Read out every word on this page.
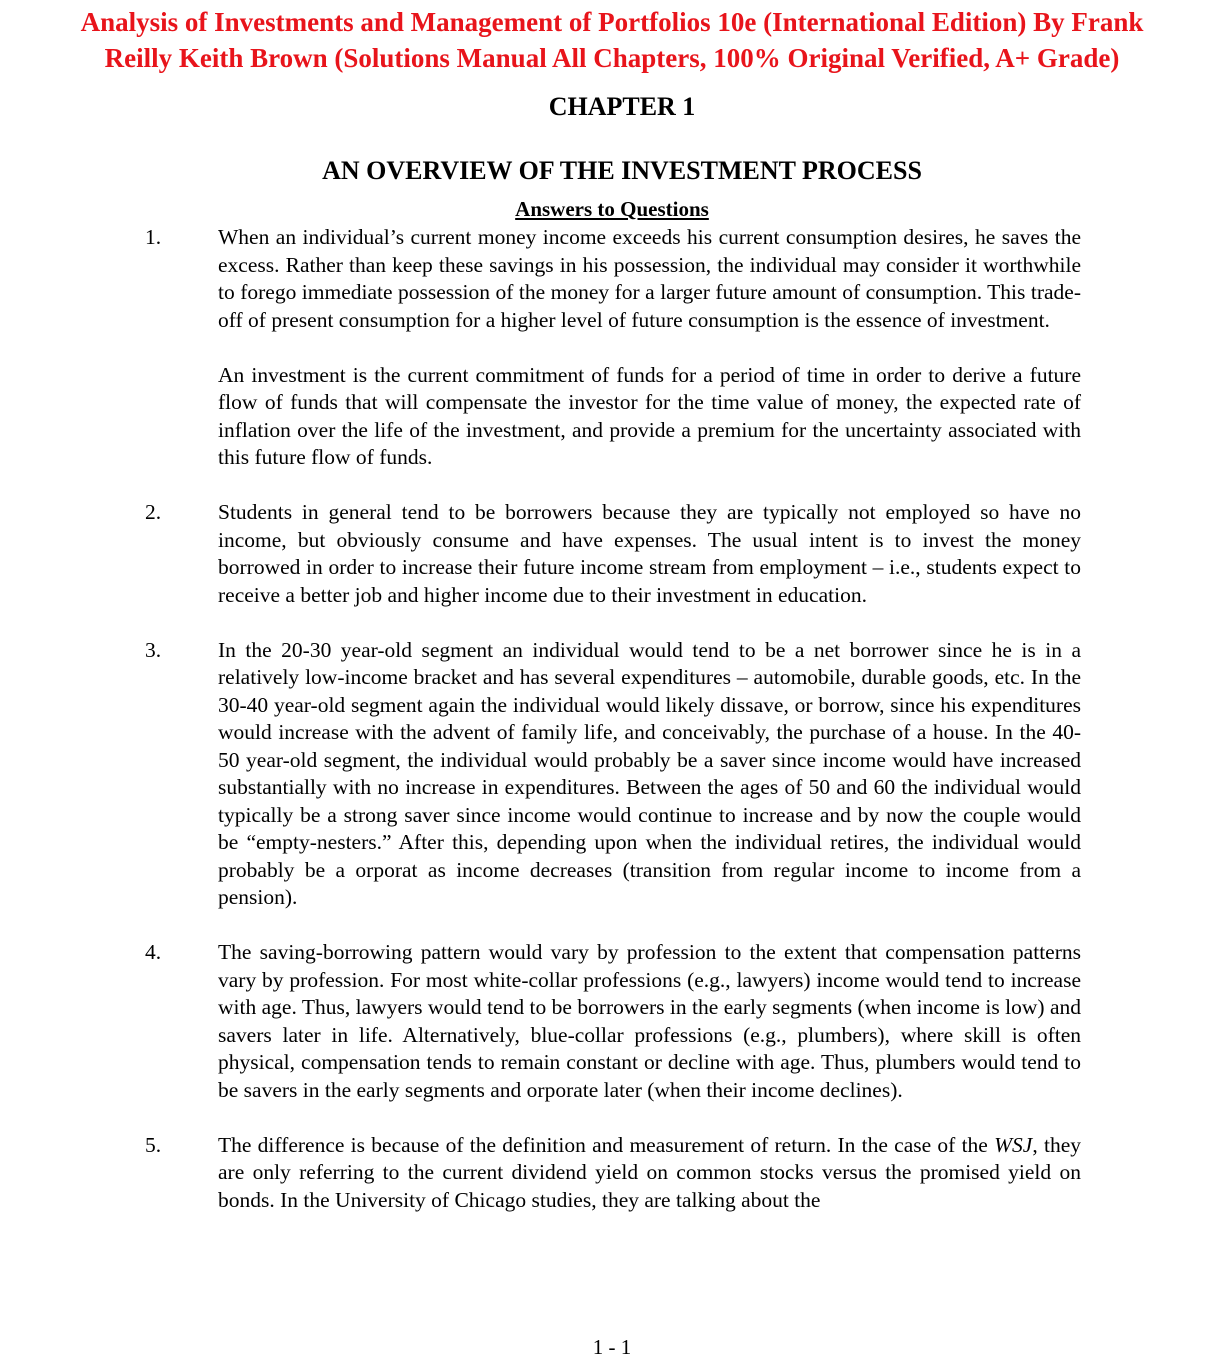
Analysis of Investments and Management of Portfolios 10e (International Edition) By Frank
Reilly Keith Brown (Solutions Manual All Chapters, 100% Original Verified, A+ Grade)
CHAPTER 1
AN OVERVIEW OF THE INVESTMENT PROCESS
Answers to Questions
1.	When an individual’s current money income exceeds his current consumption desires, he saves the excess. Rather than keep these savings in his possession, the individual may consider it worthwhile to forego immediate possession of the money for a larger future amount of consumption. This trade-off of present consumption for a higher level of future consumption is the essence of investment.

An investment is the current commitment of funds for a period of time in order to derive a future flow of funds that will compensate the investor for the time value of money, the expected rate of inflation over the life of the investment, and provide a premium for the uncertainty associated with this future flow of funds.

2.	Students in general tend to be borrowers because they are typically not employed so have no income, but obviously consume and have expenses. The usual intent is to invest the money borrowed in order to increase their future income stream from employment – i.e., students expect to receive a better job and higher income due to their investment in education.

3.	In the 20-30 year-old segment an individual would tend to be a net borrower since he is in a relatively low-income bracket and has several expenditures – automobile, durable goods, etc. In the 30-40 year-old segment again the individual would likely dissave, or borrow, since his expenditures would increase with the advent of family life, and conceivably, the purchase of a house. In the 40-50 year-old segment, the individual would probably be a saver since income would have increased substantially with no increase in expenditures. Between the ages of 50 and 60 the individual would typically be a strong saver since income would continue to increase and by now the couple would be “empty-nesters.” After this, depending upon when the individual retires, the individual would probably be a orporat as income decreases (transition from regular income to income from a pension).

4.	The saving-borrowing pattern would vary by profession to the extent that compensation patterns vary by profession. For most white-collar professions (e.g., lawyers) income would tend to increase with age. Thus, lawyers would tend to be borrowers in the early segments (when income is low) and savers later in life. Alternatively, blue-collar professions (e.g., plumbers), where skill is often physical, compensation tends to remain constant or decline with age. Thus, plumbers would tend to be savers in the early segments and orporate later (when their income declines).

5.	The difference is because of the definition and measurement of return. In the case of the WSJ, they are only referring to the current dividend yield on common stocks versus the promised yield on bonds. In the University of Chicago studies, they are talking about the

1 - 1
